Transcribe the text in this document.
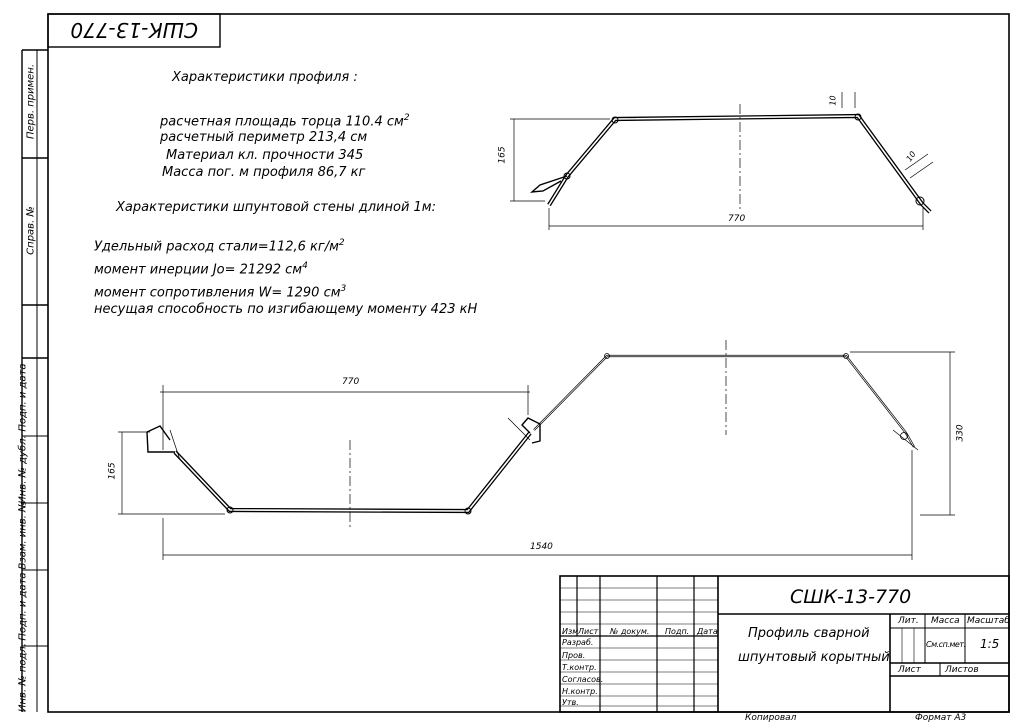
СШК-13-770
Перв. примен.
Справ. №
Подп. и дата
Инв. № дубл.
Взам. инв. №
Подп. и дата
Инв. № подл.
Характеристики профиля :
расчетная площадь торца 110.4 $см^2$
расчетный периметр 213,4 см
Материал кл. прочности 345
Масса пог. м профиля 86,7 кг
Характеристики шпунтовой стены длиной 1м:
Удельный расход стали=112,6 $кг/м^2$
момент инерции Jo= 21292 $см^4$
момент сопротивления W= 1290 $см^3$
несущая способность по изгибающему моменту 423 кН
165
770
10
10
770
165
330
1540
СШК-13-770
Профиль сварной
шпунтовый корытный
Изм Лист № докум. Подп. Дата
Разраб.
Пров.
Т.контр.
Согласов.
Н.контр.
Утв.
Лит. Масса Масштаб
См.сп.мет. 1:5
Лист	Листов
Копировал	Формат А3
